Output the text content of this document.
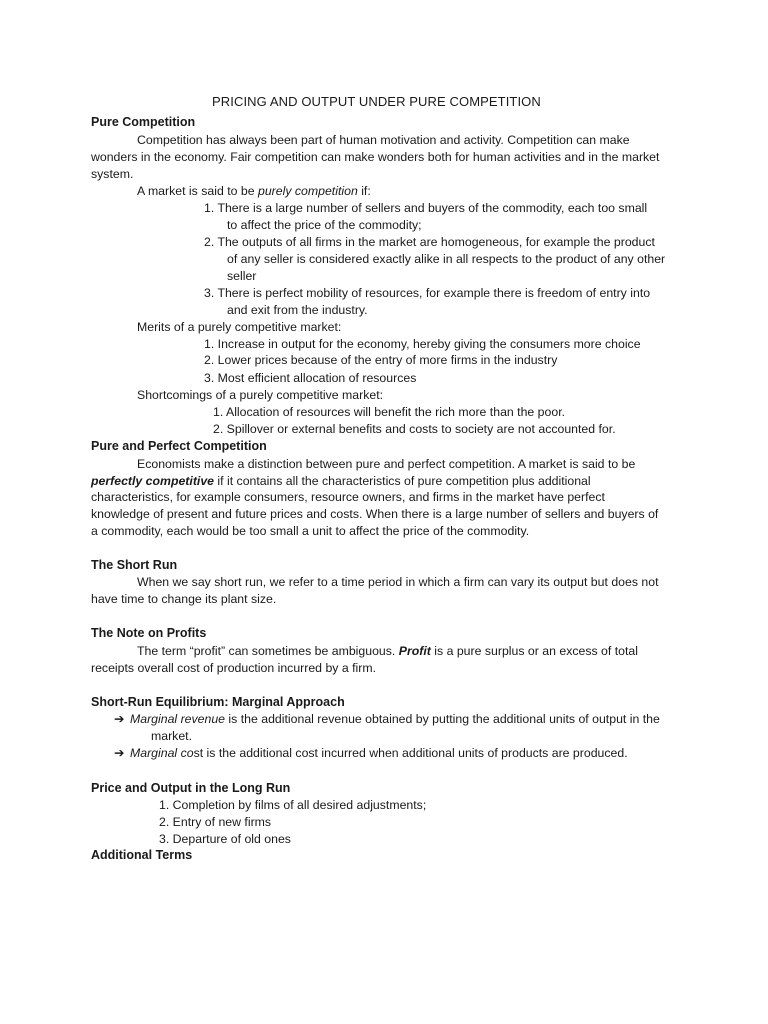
PRICING AND OUTPUT UNDER PURE COMPETITION
Pure Competition
Competition has always been part of human motivation and activity. Competition can make
wonders in the economy. Fair competition can make wonders both for human activities and in the market
system.
A market is said to be purely competition if:
1. There is a large number of sellers and buyers of the commodity, each too small
to affect the price of the commodity;
2. The outputs of all firms in the market are homogeneous, for example the product
of any seller is considered exactly alike in all respects to the product of any other
seller
3. There is perfect mobility of resources, for example there is freedom of entry into
and exit from the industry.
Merits of a purely competitive market:
1. Increase in output for the economy, hereby giving the consumers more choice
2. Lower prices because of the entry of more firms in the industry
3. Most efficient allocation of resources
Shortcomings of a purely competitive market:
1. Allocation of resources will benefit the rich more than the poor.
2. Spillover or external benefits and costs to society are not accounted for.
Pure and Perfect Competition
Economists make a distinction between pure and perfect competition. A market is said to be
perfectly competitive if it contains all the characteristics of pure competition plus additional
characteristics, for example consumers, resource owners, and firms in the market have perfect
knowledge of present and future prices and costs. When there is a large number of sellers and buyers of
a commodity, each would be too small a unit to affect the price of the commodity.
The Short Run
When we say short run, we refer to a time period in which a firm can vary its output but does not
have time to change its plant size.
The Note on Profits
The term “profit” can sometimes be ambiguous. Profit is a pure surplus or an excess of total
receipts overall cost of production incurred by a firm.
Short-Run Equilibrium: Marginal Approach
➔ Marginal revenue is the additional revenue obtained by putting the additional units of output in the
market.
➔ Marginal cost is the additional cost incurred when additional units of products are produced.
Price and Output in the Long Run
1. Completion by films of all desired adjustments;
2. Entry of new firms
3. Departure of old ones
Additional Terms
